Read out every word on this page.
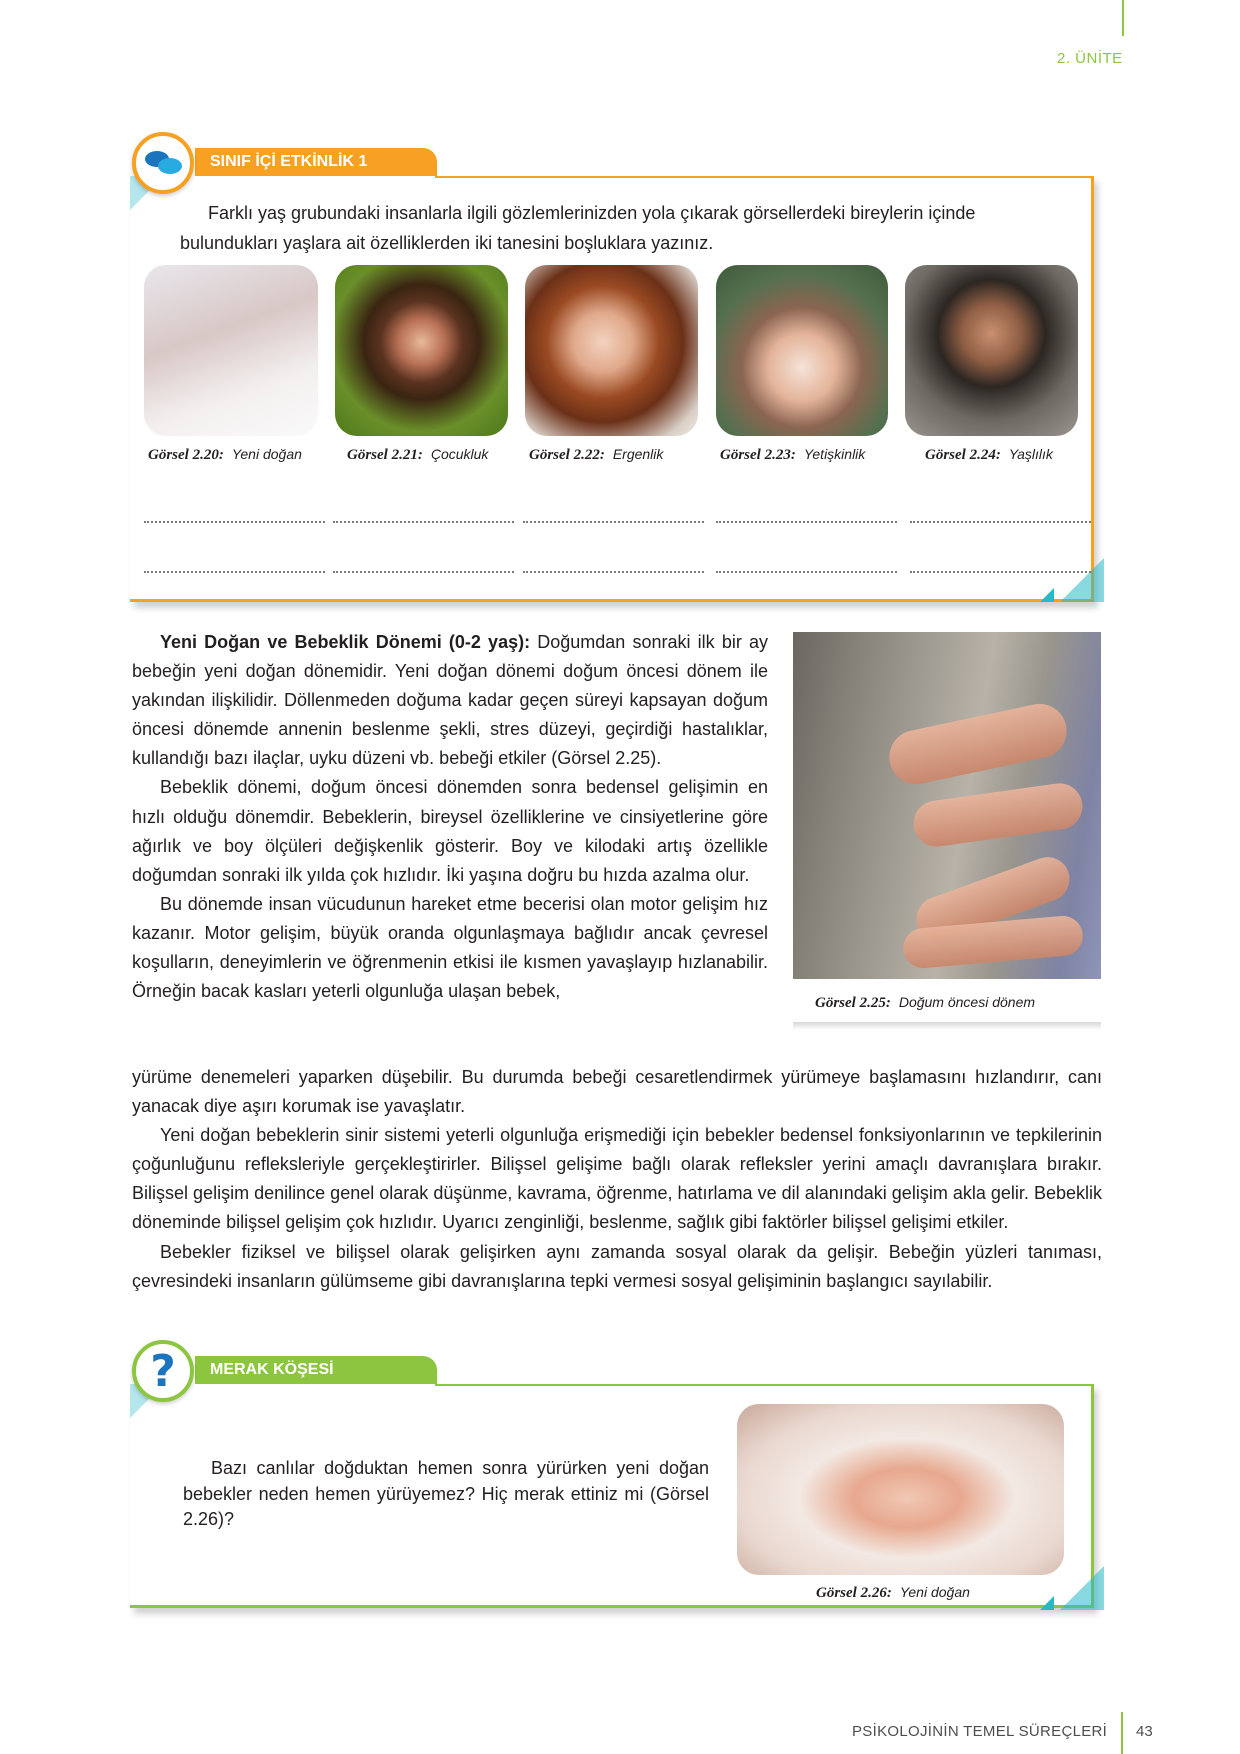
2. ÜNİTE
SINIF İÇİ ETKİNLİK 1
Farklı yaş grubundaki insanlarla ilgili gözlemlerinizden yola çıkarak görsellerdeki bireylerin içinde bulundukları yaşlara ait özelliklerden iki tanesini boşluklara yazınız.
Görsel 2.20: Yeni doğan	Görsel 2.21: Çocukluk	Görsel 2.22: Ergenlik	Görsel 2.23: Yetişkinlik	Görsel 2.24: Yaşlılık

Yeni Doğan ve Bebeklik Dönemi (0-2 yaş): Doğumdan sonraki ilk bir ay bebeğin yeni doğan dönemidir. Yeni doğan dönemi doğum öncesi dönem ile yakından ilişkilidir. Döllenmeden doğuma kadar geçen süreyi kapsayan doğum öncesi dönemde annenin beslenme şekli, stres düzeyi, geçirdiği hastalıklar, kullandığı bazı ilaçlar, uyku düzeni vb. bebeği etkiler (Görsel 2.25).

Bebeklik dönemi, doğum öncesi dönemden sonra bedensel gelişimin en hızlı olduğu dönemdir. Bebeklerin, bireysel özelliklerine ve cinsiyetlerine göre ağırlık ve boy ölçüleri değişkenlik gösterir. Boy ve kilodaki artış özellikle doğumdan sonraki ilk yılda çok hızlıdır. İki yaşına doğru bu hızda azalma olur.

Bu dönemde insan vücudunun hareket etme becerisi olan motor gelişim hız kazanır. Motor gelişim, büyük oranda olgunlaşmaya bağlıdır ancak çevresel koşulların, deneyimlerin ve öğrenmenin etkisi ile kısmen yavaşlayıp hızlanabilir. Örneğin bacak kasları yeterli olgunluğa ulaşan bebek,

Görsel 2.25: Doğum öncesi dönem
yürüme denemeleri yaparken düşebilir. Bu durumda bebeği cesaretlendirmek yürümeye başlamasını hızlandırır, canı yanacak diye aşırı korumak ise yavaşlatır.

Yeni doğan bebeklerin sinir sistemi yeterli olgunluğa erişmediği için bebekler bedensel fonksiyonlarının ve tepkilerinin çoğunluğunu refleksleriyle gerçekleştirirler. Bilişsel gelişime bağlı olarak refleksler yerini amaçlı davranışlara bırakır. Bilişsel gelişim denilince genel olarak düşünme, kavrama, öğrenme, hatırlama ve dil alanındaki gelişim akla gelir. Bebeklik döneminde bilişsel gelişim çok hızlıdır. Uyarıcı zenginliği, beslenme, sağlık gibi faktörler bilişsel gelişimi etkiler.

Bebekler fiziksel ve bilişsel olarak gelişirken aynı zamanda sosyal olarak da gelişir. Bebeğin yüzleri tanıması, çevresindeki insanların gülümseme gibi davranışlarına tepki vermesi sosyal gelişiminin başlangıcı sayılabilir.

MERAK KÖŞESİ
?

Bazı canlılar doğduktan hemen sonra yürürken yeni doğan bebekler neden hemen yürüyemez? Hiç merak ettiniz mi (Görsel 2.26)?

Görsel 2.26: Yeni doğan
PSİKOLOJİNİN TEMEL SÜREÇLERİ 43
